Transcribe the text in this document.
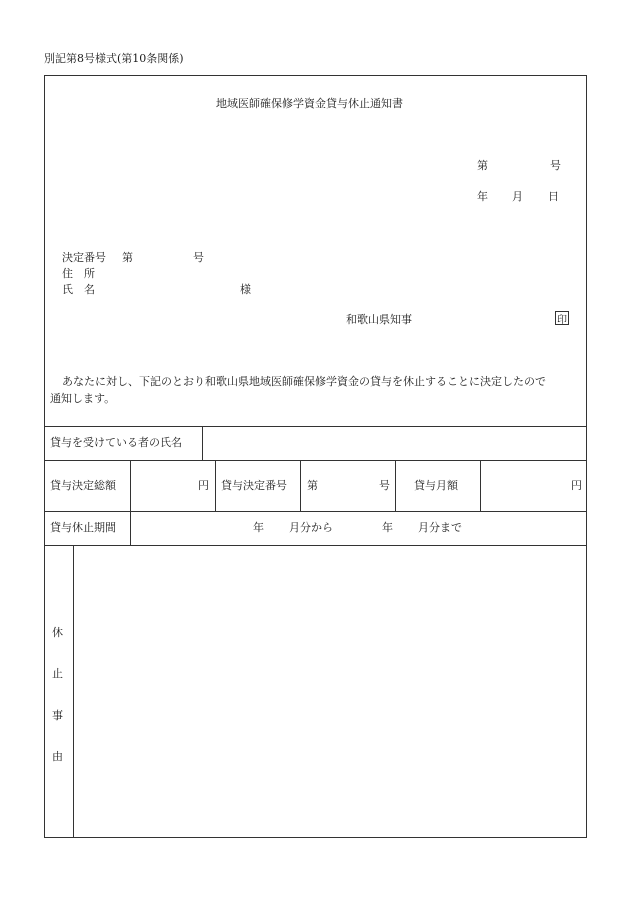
別記第8号様式(第10条関係)
地域医師確保修学資金貸与休止通知書
第	号
年 月 日
決定番号 第	号
住　所
氏　名	様
和歌山県知事	印
あなたに対し、下記のとおり和歌山県地域医師確保修学資金の貸与を休止することに決定したので
通知します。
貸与を受けている者の氏名
貸与決定総額	円 貸与決定番号 第	号 貸与月額	円
貸与休止期間	年 月分から	年 月分まで
休
止
事
由
